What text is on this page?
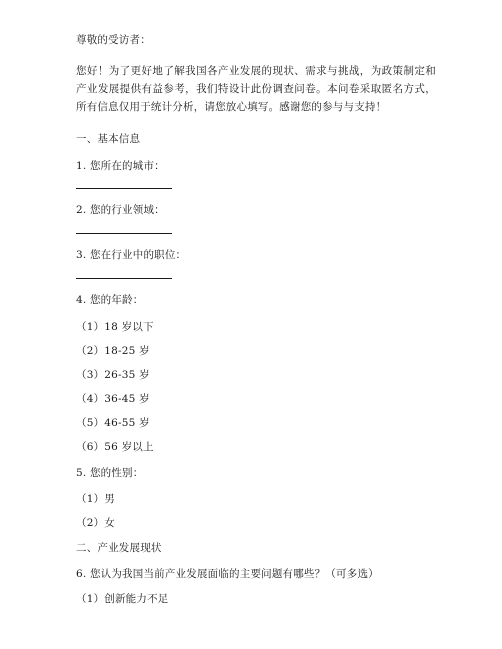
尊敬的受访者：
您好！为了更好地了解我国各产业发展的现状、需求与挑战，为政策制定和产业发展提供有益参考，我们特设计此份调查问卷。本问卷采取匿名方式，所有信息仅用于统计分析，请您放心填写。感谢您的参与与支持！
一、基本信息
1. 您所在的城市：
2. 您的行业领域：
3. 您在行业中的职位：
4. 您的年龄：
（1）18 岁以下
（2）18-25 岁
（3）26-35 岁
（4）36-45 岁
（5）46-55 岁
（6）56 岁以上
5. 您的性别：
（1）男
（2）女
二、产业发展现状
6. 您认为我国当前产业发展面临的主要问题有哪些？（可多选）
（1）创新能力不足
